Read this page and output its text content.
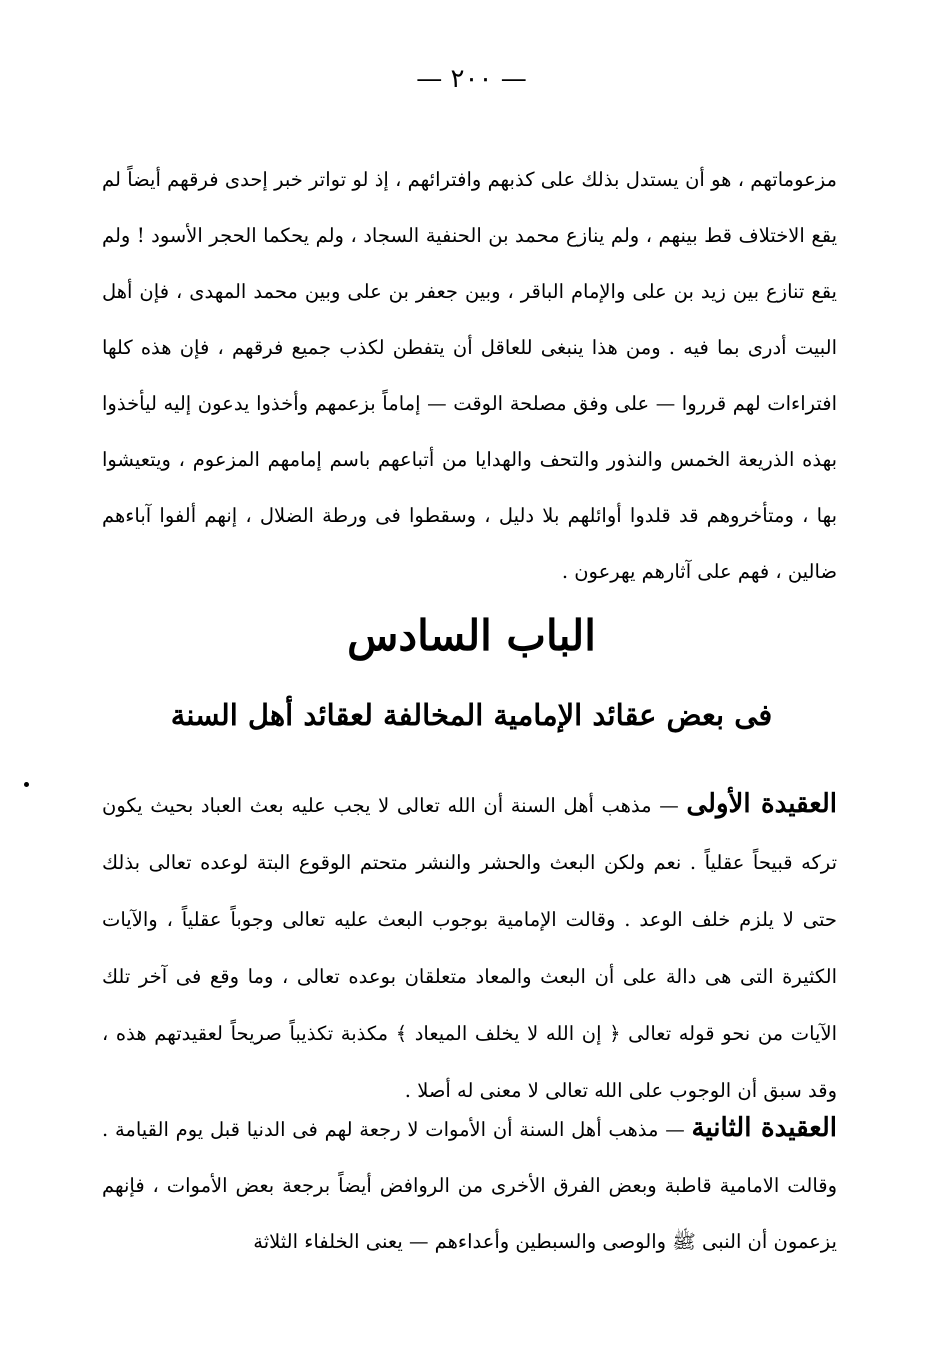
— ٢٠٠ —
مزعوماتهم ، هو أن يستدل بذلك على كذبهم وافترائهم ، إذ لو تواتر خبر إحدى فرقهم أيضاً لم يقع الاختلاف قط بينهم ، ولم ينازع محمد بن الحنفية السجاد ، ولم يحكما الحجر الأسود ! ولم يقع تنازع بين زيد بن على والإمام الباقر ، وبين جعفر بن على وبين محمد المهدى ، فإن أهل البيت أدرى بما فيه . ومن هذا ينبغى للعاقل أن يتفطن لكذب جميع فرقهم ، فإن هذه كلها افتراءات لهم قرروا — على وفق مصلحة الوقت — إماماً بزعمهم وأخذوا يدعون إليه ليأخذوا بهذه الذريعة الخمس والنذور والتحف والهدايا من أتباعهم باسم إمامهم المزعوم ، ويتعيشوا بها ، ومتأخروهم قد قلدوا أوائلهم بلا دليل ، وسقطوا فى ورطة الضلال ، إنهم ألفوا آباءهم ضالين ، فهم على آثارهم يهرعون .
الباب السادس
فى بعض عقائد الإمامية المخالفة لعقائد أهل السنة
العقيدة الأولى — مذهب أهل السنة أن الله تعالى لا يجب عليه بعث العباد بحيث يكون تركه قبيحاً عقلياً . نعم ولكن البعث والحشر والنشر متحتم الوقوع البتة لوعده تعالى بذلك حتى لا يلزم خلف الوعد . وقالت الإمامية بوجوب البعث عليه تعالى وجوباً عقلياً ، والآيات الكثيرة التى هى دالة على أن البعث والمعاد متعلقان بوعده تعالى ، وما وقع فى آخر تلك الآيات من نحو قوله تعالى ﴿ إن الله لا يخلف الميعاد ﴾ مكذبة تكذيباً صريحاً لعقيدتهم هذه ، وقد سبق أن الوجوب على الله تعالى لا معنى له أصلا .
العقيدة الثانية — مذهب أهل السنة أن الأموات لا رجعة لهم فى الدنيا قبل يوم القيامة . وقالت الامامية قاطبة وبعض الفرق الأخرى من الروافض أيضاً برجعة بعض الأموات ، فإنهم يزعمون أن النبى ﷺ والوصى والسبطين وأعداءهم — يعنى الخلفاء الثلاثة
